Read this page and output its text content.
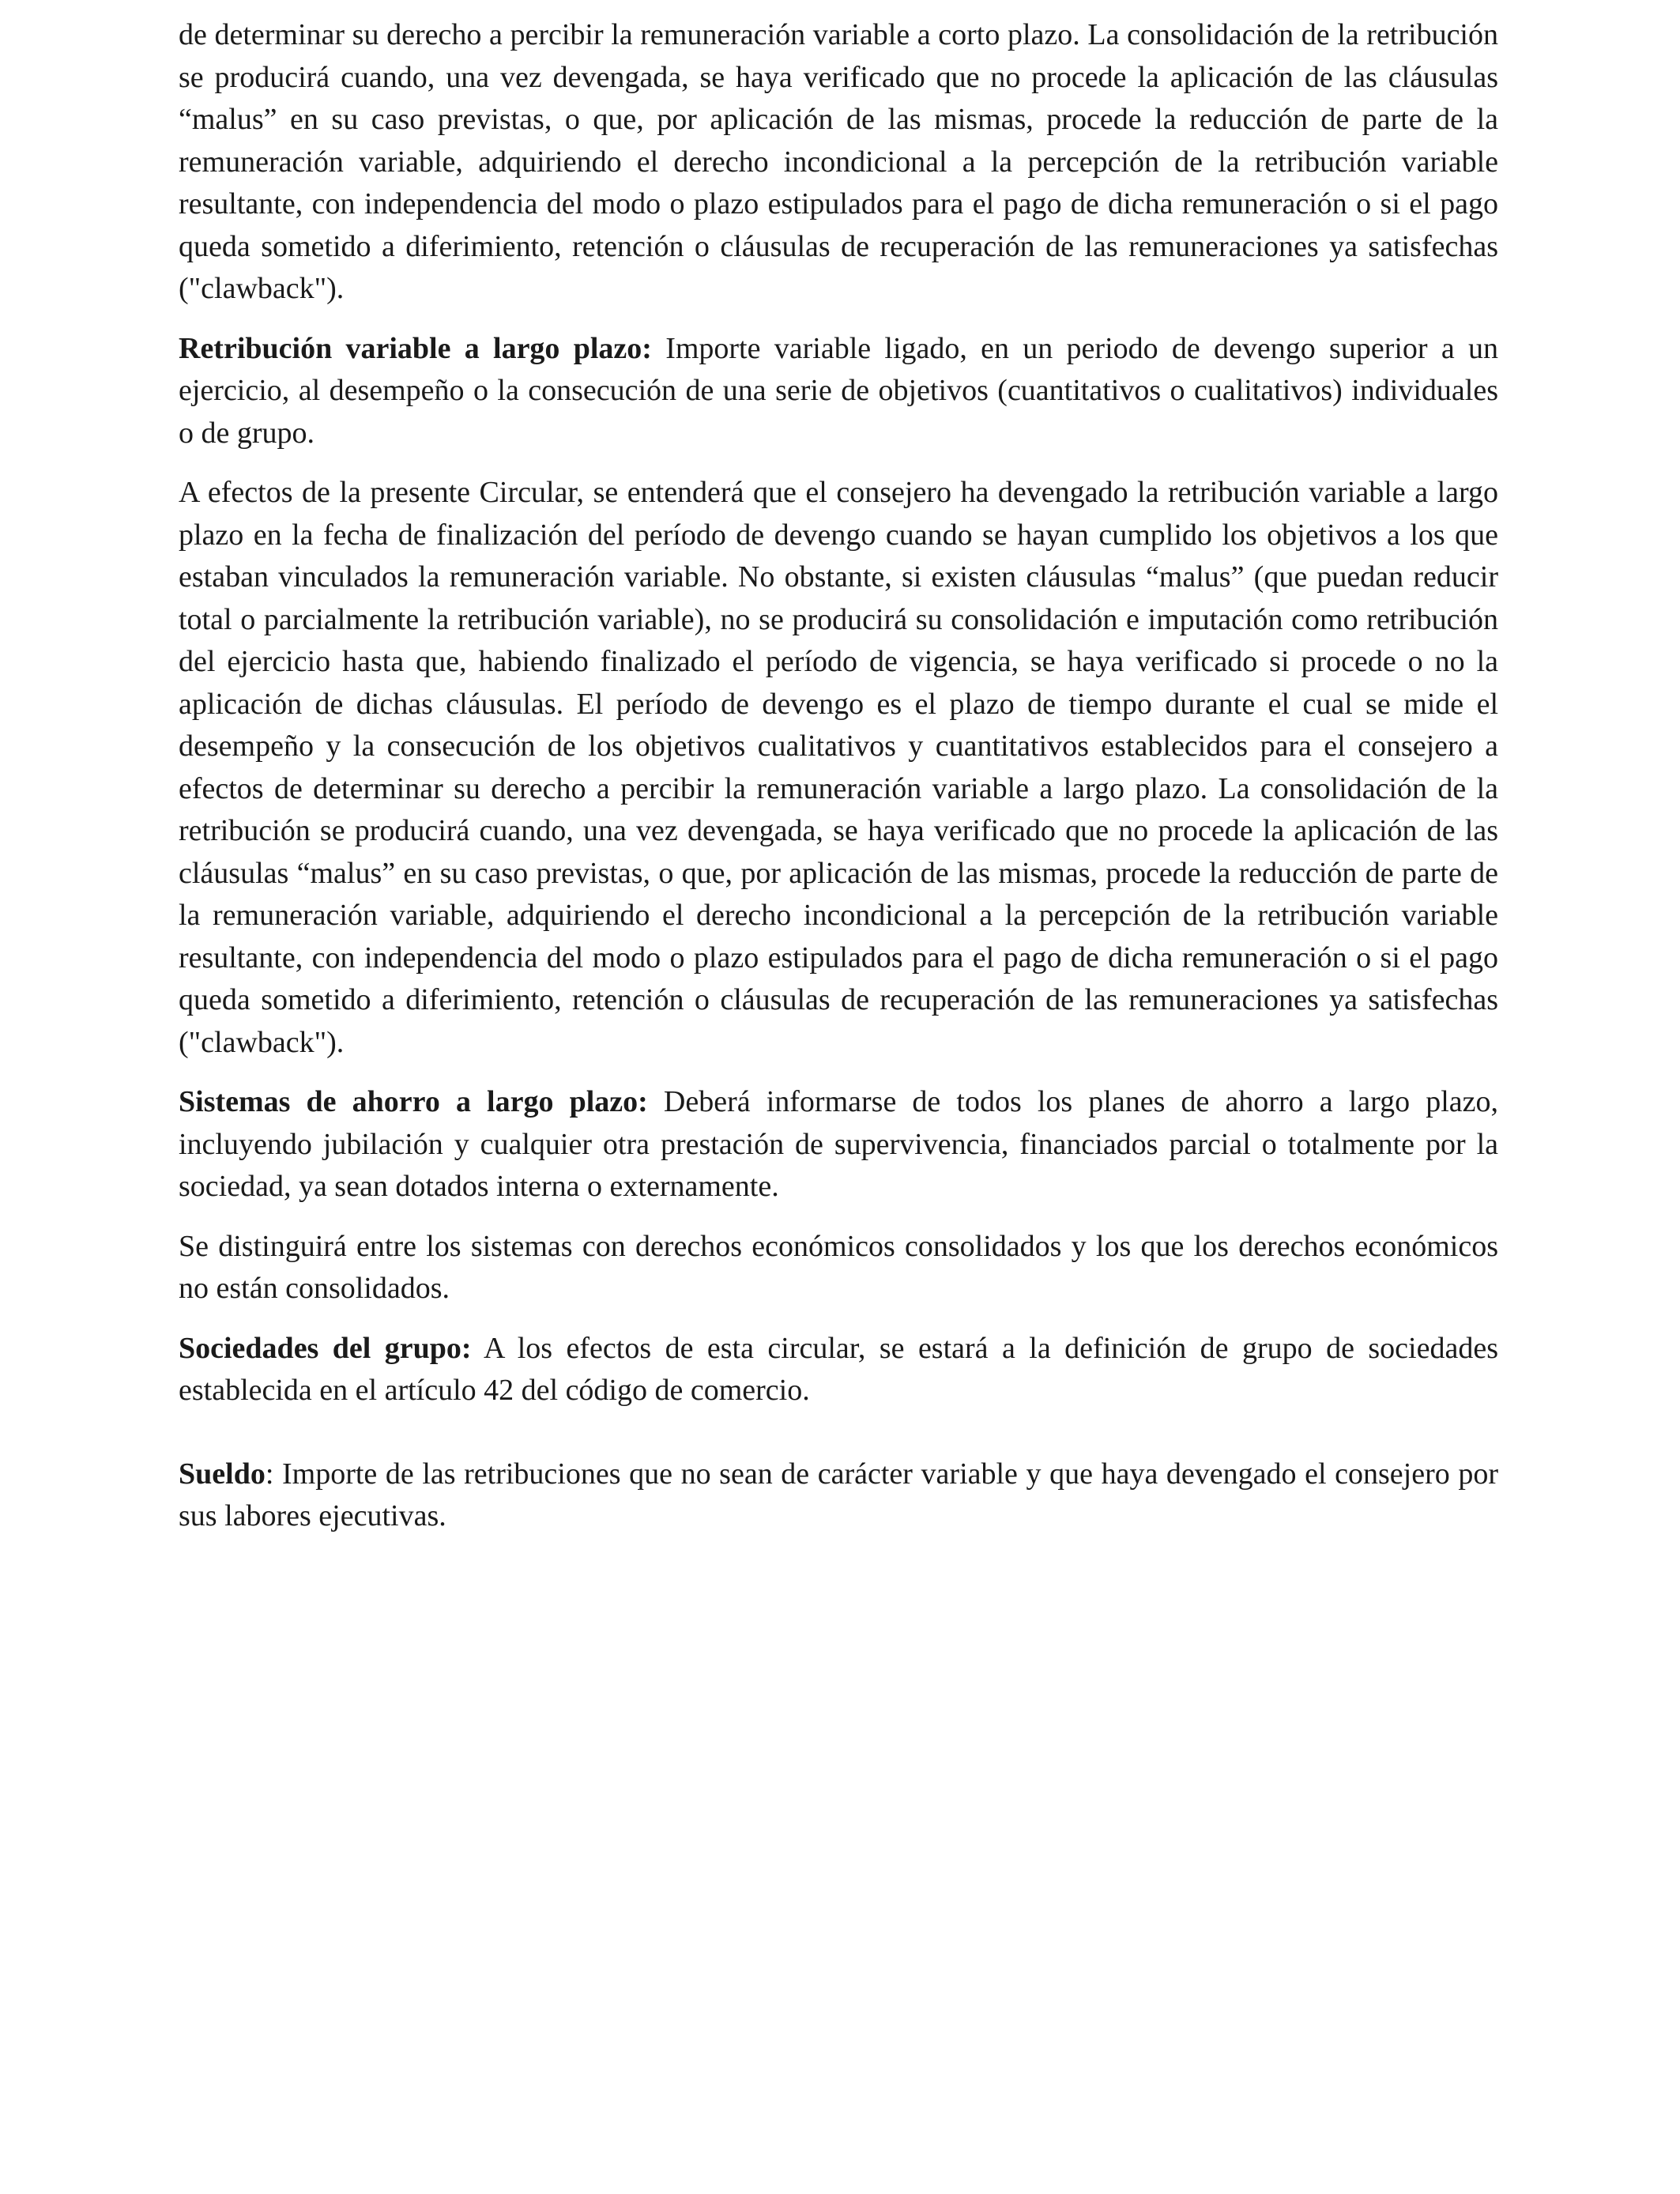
de determinar su derecho a percibir la remuneración variable a corto plazo. La consolidación de la retribución se producirá cuando, una vez devengada, se haya verificado que no procede la aplicación de las cláusulas “malus” en su caso previstas, o que, por aplicación de las mismas, procede la reducción de parte de la remuneración variable, adquiriendo el derecho incondicional a la percepción de la retribución variable resultante, con independencia del modo o plazo estipulados para el pago de dicha remuneración o si el pago queda sometido a diferimiento, retención o cláusulas de recuperación de las remuneraciones ya satisfechas ("clawback").

Retribución variable a largo plazo: Importe variable ligado, en un periodo de devengo superior a un ejercicio, al desempeño o la consecución de una serie de objetivos (cuantitativos o cualitativos) individuales o de grupo.

A efectos de la presente Circular, se entenderá que el consejero ha devengado la retribución variable a largo plazo en la fecha de finalización del período de devengo cuando se hayan cumplido los objetivos a los que estaban vinculados la remuneración variable. No obstante, si existen cláusulas “malus” (que puedan reducir total o parcialmente la retribución variable), no se producirá su consolidación e imputación como retribución del ejercicio hasta que, habiendo finalizado el período de vigencia, se haya verificado si procede o no la aplicación de dichas cláusulas. El período de devengo es el plazo de tiempo durante el cual se mide el desempeño y la consecución de los objetivos cualitativos y cuantitativos establecidos para el consejero a efectos de determinar su derecho a percibir la remuneración variable a largo plazo. La consolidación de la retribución se producirá cuando, una vez devengada, se haya verificado que no procede la aplicación de las cláusulas “malus” en su caso previstas, o que, por aplicación de las mismas, procede la reducción de parte de la remuneración variable, adquiriendo el derecho incondicional a la percepción de la retribución variable resultante, con independencia del modo o plazo estipulados para el pago de dicha remuneración o si el pago queda sometido a diferimiento, retención o cláusulas de recuperación de las remuneraciones ya satisfechas ("clawback").

Sistemas de ahorro a largo plazo: Deberá informarse de todos los planes de ahorro a largo plazo, incluyendo jubilación y cualquier otra prestación de supervivencia, financiados parcial o totalmente por la sociedad, ya sean dotados interna o externamente.

Se distinguirá entre los sistemas con derechos económicos consolidados y los que los derechos económicos no están consolidados.

Sociedades del grupo: A los efectos de esta circular, se estará a la definición de grupo de sociedades establecida en el artículo 42 del código de comercio.

Sueldo: Importe de las retribuciones que no sean de carácter variable y que haya devengado el consejero por sus labores ejecutivas.
